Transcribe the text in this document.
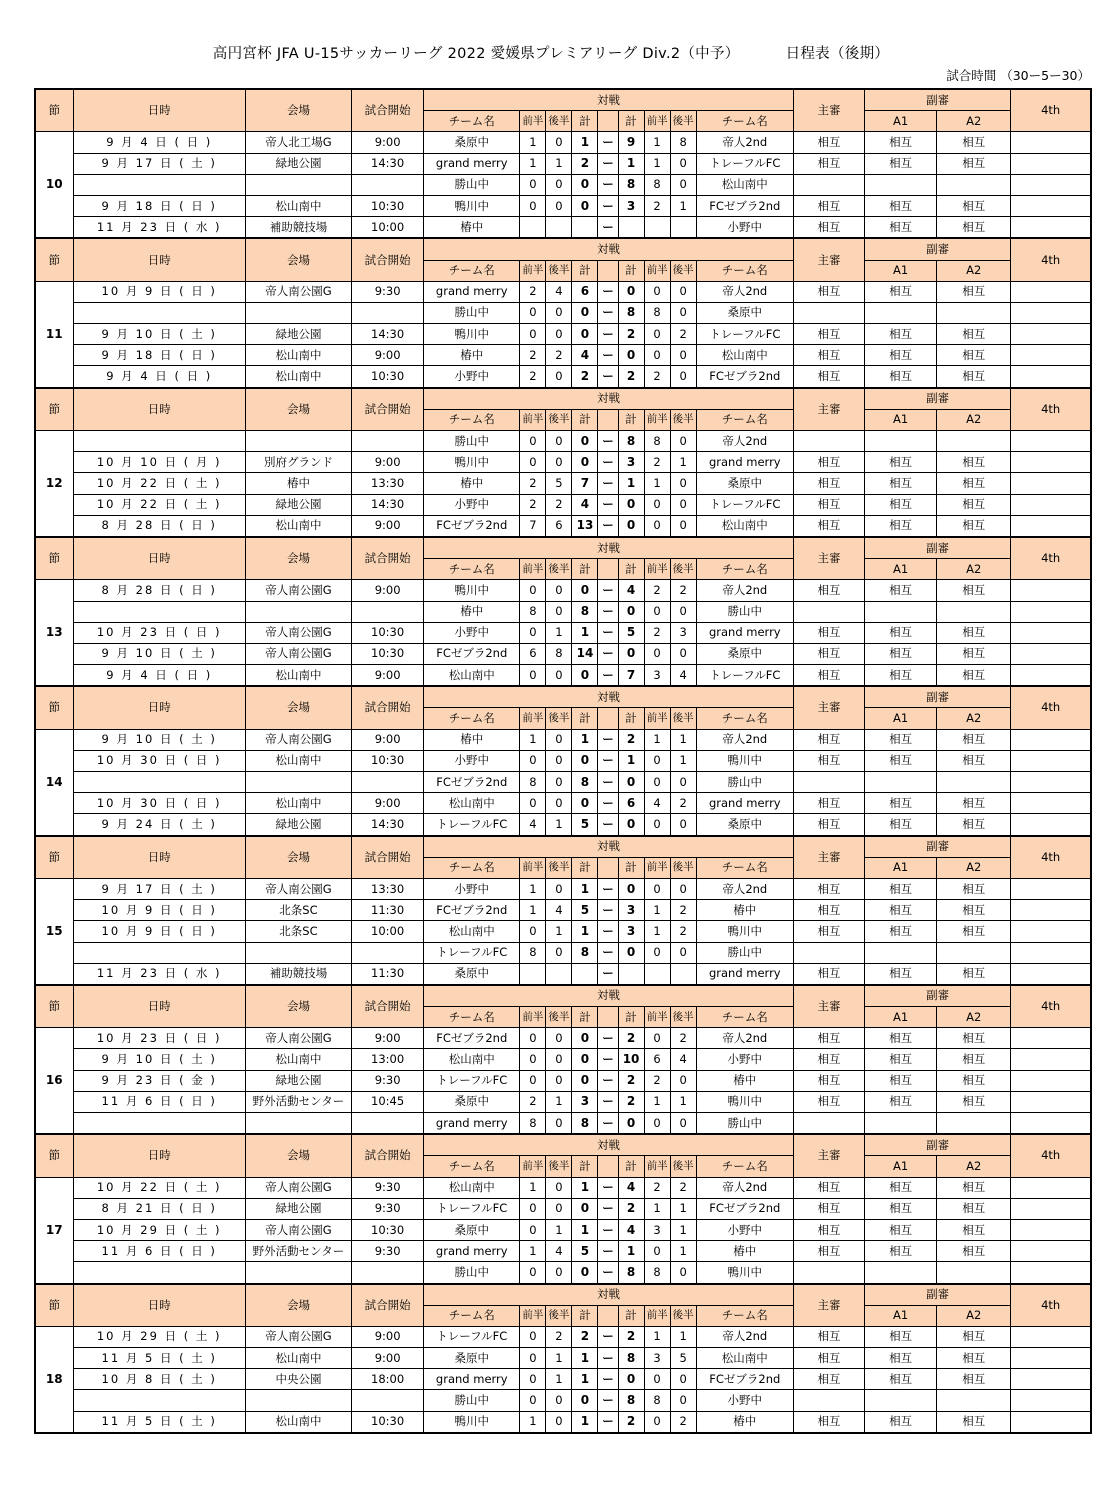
高円宮杯 JFA U-15サッカーリーグ 2022 愛媛県プレミアリーグ Div.2（中予）	日程表（後期）
試合時間 （30ー5ー30）
節	日時	会場	試合開始	対戦									主審	副審		4th
				チーム名	前半	後半	計		計	前半	後半	チーム名		A1	A2	
10	9 月 4 日 ( 日 )	帝人北工場G	9:00	桑原中	1	0	1	ー	9	1	8	帝人2nd	相互	相互	相互	
	9 月 17 日 ( 土 )	緑地公園	14:30	grand merry	1	1	2	ー	1	1	0	トレーフルFC	相互	相互	相互	
				勝山中	0	0	0	ー	8	8	0	松山南中				
	9 月 18 日 ( 日 )	松山南中	10:30	鴨川中	0	0	0	ー	3	2	1	FCゼブラ2nd	相互	相互	相互	
	11 月 23 日 ( 水 )	補助競技場	10:00	椿中				ー				小野中	相互	相互	相互	
節	日時	会場	試合開始	対戦									主審	副審		4th
				チーム名	前半	後半	計		計	前半	後半	チーム名		A1	A2	
11	10 月 9 日 ( 日 )	帝人南公園G	9:30	grand merry	2	4	6	ー	0	0	0	帝人2nd	相互	相互	相互	
				勝山中	0	0	0	ー	8	8	0	桑原中				
	9 月 10 日 ( 土 )	緑地公園	14:30	鴨川中	0	0	0	ー	2	0	2	トレーフルFC	相互	相互	相互	
	9 月 18 日 ( 日 )	松山南中	9:00	椿中	2	2	4	ー	0	0	0	松山南中	相互	相互	相互	
	9 月 4 日 ( 日 )	松山南中	10:30	小野中	2	0	2	ー	2	2	0	FCゼブラ2nd	相互	相互	相互	
節	日時	会場	試合開始	対戦									主審	副審		4th
				チーム名	前半	後半	計		計	前半	後半	チーム名		A1	A2	
12				勝山中	0	0	0	ー	8	8	0	帝人2nd				
	10 月 10 日 ( 月 )	別府グランド	9:00	鴨川中	0	0	0	ー	3	2	1	grand merry	相互	相互	相互	
	10 月 22 日 ( 土 )	椿中	13:30	椿中	2	5	7	ー	1	1	0	桑原中	相互	相互	相互	
	10 月 22 日 ( 土 )	緑地公園	14:30	小野中	2	2	4	ー	0	0	0	トレーフルFC	相互	相互	相互	
	8 月 28 日 ( 日 )	松山南中	9:00	FCゼブラ2nd	7	6	13	ー	0	0	0	松山南中	相互	相互	相互	
節	日時	会場	試合開始	対戦									主審	副審		4th
				チーム名	前半	後半	計		計	前半	後半	チーム名		A1	A2	
13	8 月 28 日 ( 日 )	帝人南公園G	9:00	鴨川中	0	0	0	ー	4	2	2	帝人2nd	相互	相互	相互	
				椿中	8	0	8	ー	0	0	0	勝山中				
	10 月 23 日 ( 日 )	帝人南公園G	10:30	小野中	0	1	1	ー	5	2	3	grand merry	相互	相互	相互	
	9 月 10 日 ( 土 )	帝人南公園G	10:30	FCゼブラ2nd	6	8	14	ー	0	0	0	桑原中	相互	相互	相互	
	9 月 4 日 ( 日 )	松山南中	9:00	松山南中	0	0	0	ー	7	3	4	トレーフルFC	相互	相互	相互	
節	日時	会場	試合開始	対戦									主審	副審		4th
				チーム名	前半	後半	計		計	前半	後半	チーム名		A1	A2	
14	9 月 10 日 ( 土 )	帝人南公園G	9:00	椿中	1	0	1	ー	2	1	1	帝人2nd	相互	相互	相互	
	10 月 30 日 ( 日 )	松山南中	10:30	小野中	0	0	0	ー	1	0	1	鴨川中	相互	相互	相互	
				FCゼブラ2nd	8	0	8	ー	0	0	0	勝山中				
	10 月 30 日 ( 日 )	松山南中	9:00	松山南中	0	0	0	ー	6	4	2	grand merry	相互	相互	相互	
	9 月 24 日 ( 土 )	緑地公園	14:30	トレーフルFC	4	1	5	ー	0	0	0	桑原中	相互	相互	相互	
節	日時	会場	試合開始	対戦									主審	副審		4th
				チーム名	前半	後半	計		計	前半	後半	チーム名		A1	A2	
15	9 月 17 日 ( 土 )	帝人南公園G	13:30	小野中	1	0	1	ー	0	0	0	帝人2nd	相互	相互	相互	
	10 月 9 日 ( 日 )	北条SC	11:30	FCゼブラ2nd	1	4	5	ー	3	1	2	椿中	相互	相互	相互	
	10 月 9 日 ( 日 )	北条SC	10:00	松山南中	0	1	1	ー	3	1	2	鴨川中	相互	相互	相互	
				トレーフルFC	8	0	8	ー	0	0	0	勝山中				
	11 月 23 日 ( 水 )	補助競技場	11:30	桑原中				ー				grand merry	相互	相互	相互	
節	日時	会場	試合開始	対戦									主審	副審		4th
				チーム名	前半	後半	計		計	前半	後半	チーム名		A1	A2	
16	10 月 23 日 ( 日 )	帝人南公園G	9:00	FCゼブラ2nd	0	0	0	ー	2	0	2	帝人2nd	相互	相互	相互	
	9 月 10 日 ( 土 )	松山南中	13:00	松山南中	0	0	0	ー	10	6	4	小野中	相互	相互	相互	
	9 月 23 日 ( 金 )	緑地公園	9:30	トレーフルFC	0	0	0	ー	2	2	0	椿中	相互	相互	相互	
	11 月 6 日 ( 日 )	野外活動センター	10:45	桑原中	2	1	3	ー	2	1	1	鴨川中	相互	相互	相互	
				grand merry	8	0	8	ー	0	0	0	勝山中				
節	日時	会場	試合開始	対戦									主審	副審		4th
				チーム名	前半	後半	計		計	前半	後半	チーム名		A1	A2	
17	10 月 22 日 ( 土 )	帝人南公園G	9:30	松山南中	1	0	1	ー	4	2	2	帝人2nd	相互	相互	相互	
	8 月 21 日 ( 日 )	緑地公園	9:30	トレーフルFC	0	0	0	ー	2	1	1	FCゼブラ2nd	相互	相互	相互	
	10 月 29 日 ( 土 )	帝人南公園G	10:30	桑原中	0	1	1	ー	4	3	1	小野中	相互	相互	相互	
	11 月 6 日 ( 日 )	野外活動センター	9:30	grand merry	1	4	5	ー	1	0	1	椿中	相互	相互	相互	
				勝山中	0	0	0	ー	8	8	0	鴨川中				
節	日時	会場	試合開始	対戦									主審	副審		4th
				チーム名	前半	後半	計		計	前半	後半	チーム名		A1	A2	
18	10 月 29 日 ( 土 )	帝人南公園G	9:00	トレーフルFC	0	2	2	ー	2	1	1	帝人2nd	相互	相互	相互	
	11 月 5 日 ( 土 )	松山南中	9:00	桑原中	0	1	1	ー	8	3	5	松山南中	相互	相互	相互	
	10 月 8 日 ( 土 )	中央公園	18:00	grand merry	0	1	1	ー	0	0	0	FCゼブラ2nd	相互	相互	相互	
				勝山中	0	0	0	ー	8	8	0	小野中				
	11 月 5 日 ( 土 )	松山南中	10:30	鴨川中	1	0	1	ー	2	0	2	椿中	相互	相互	相互	
